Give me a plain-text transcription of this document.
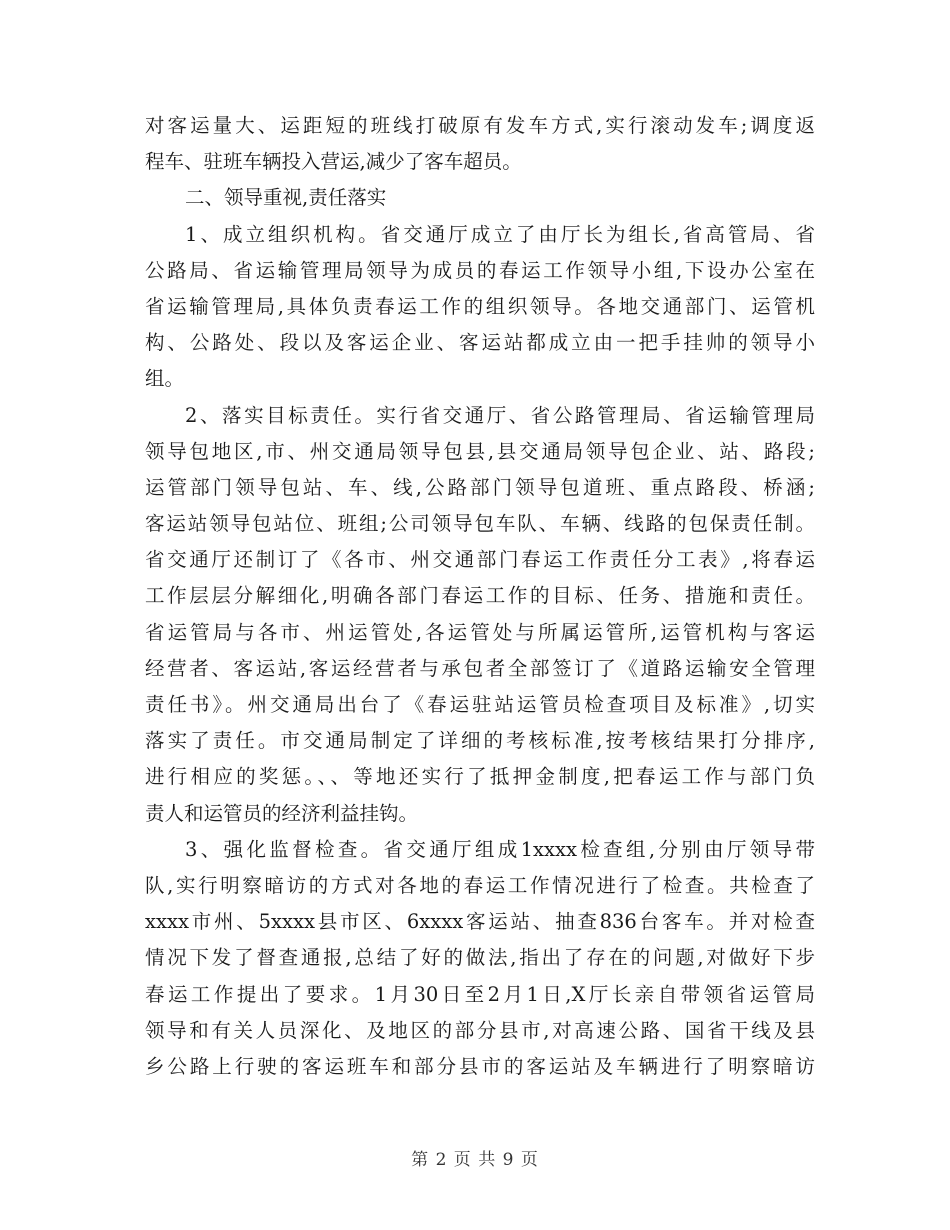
对客运量大、运距短的班线打破原有发车方式,实行滚动发车;调度返
程车、驻班车辆投入营运,减少了客车超员。
二、领导重视,责任落实
1、成立组织机构。省交通厅成立了由厅长为组长,省高管局、省
公路局、省运输管理局领导为成员的春运工作领导小组,下设办公室在
省运输管理局,具体负责春运工作的组织领导。各地交通部门、运管机
构、公路处、段以及客运企业、客运站都成立由一把手挂帅的领导小
组。
2、落实目标责任。实行省交通厅、省公路管理局、省运输管理局
领导包地区,市、州交通局领导包县,县交通局领导包企业、站、路段;
运管部门领导包站、车、线,公路部门领导包道班、重点路段、桥涵;
客运站领导包站位、班组;公司领导包车队、车辆、线路的包保责任制。
省交通厅还制订了《各市、州交通部门春运工作责任分工表》,将春运
工作层层分解细化,明确各部门春运工作的目标、任务、措施和责任。
省运管局与各市、州运管处,各运管处与所属运管所,运管机构与客运
经营者、客运站,客运经营者与承包者全部签订了《道路运输安全管理
责任书》。州交通局出台了《春运驻站运管员检查项目及标准》,切实
落实了责任。市交通局制定了详细的考核标准,按考核结果打分排序,
进行相应的奖惩。、、等地还实行了抵押金制度,把春运工作与部门负
责人和运管员的经济利益挂钩。
3、强化监督检查。省交通厅组成1xxxx检查组,分别由厅领导带
队,实行明察暗访的方式对各地的春运工作情况进行了检查。共检查了
xxxx市州、5xxxx县市区、6xxxx客运站、抽查836台客车。并对检查
情况下发了督查通报,总结了好的做法,指出了存在的问题,对做好下步
春运工作提出了要求。1月30日至2月1日,X厅长亲自带领省运管局
领导和有关人员深化、及地区的部分县市,对高速公路、国省干线及县
乡公路上行驶的客运班车和部分县市的客运站及车辆进行了明察暗访
第 2 页 共 9 页
